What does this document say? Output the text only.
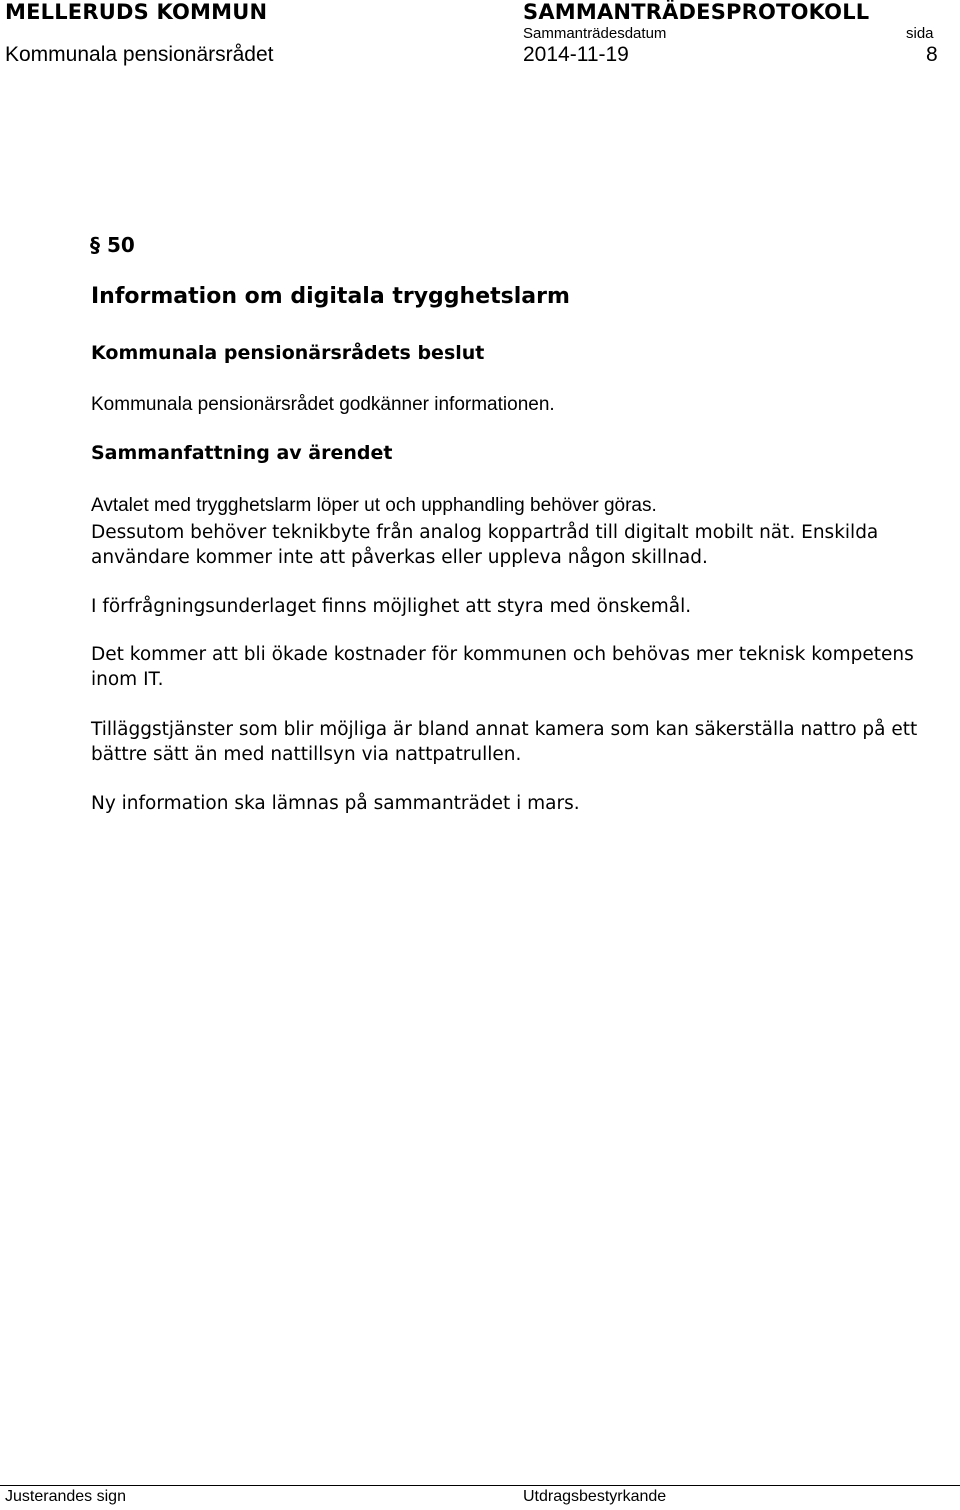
MELLERUDS KOMMUN	SAMMANTRÄDESPROTOKOLL
Sammanträdesdatum	sida
Kommunala pensionärsrådet	2014-11-19	8
§ 50
Information om digitala trygghetslarm
Kommunala pensionärsrådets beslut
Kommunala pensionärsrådet godkänner informationen.
Sammanfattning av ärendet
Avtalet med trygghetslarm löper ut och upphandling behöver göras.
Dessutom behöver teknikbyte från analog koppartråd till digitalt mobilt nät. Enskilda användare kommer inte att påverkas eller uppleva någon skillnad.
I förfrågningsunderlaget finns möjlighet att styra med önskemål.
Det kommer att bli ökade kostnader för kommunen och behövas mer teknisk kompetens inom IT.
Tilläggstjänster som blir möjliga är bland annat kamera som kan säkerställa nattro på ett bättre sätt än med nattillsyn via nattpatrullen.
Ny information ska lämnas på sammanträdet i mars.
Justerandes sign	Utdragsbestyrkande
